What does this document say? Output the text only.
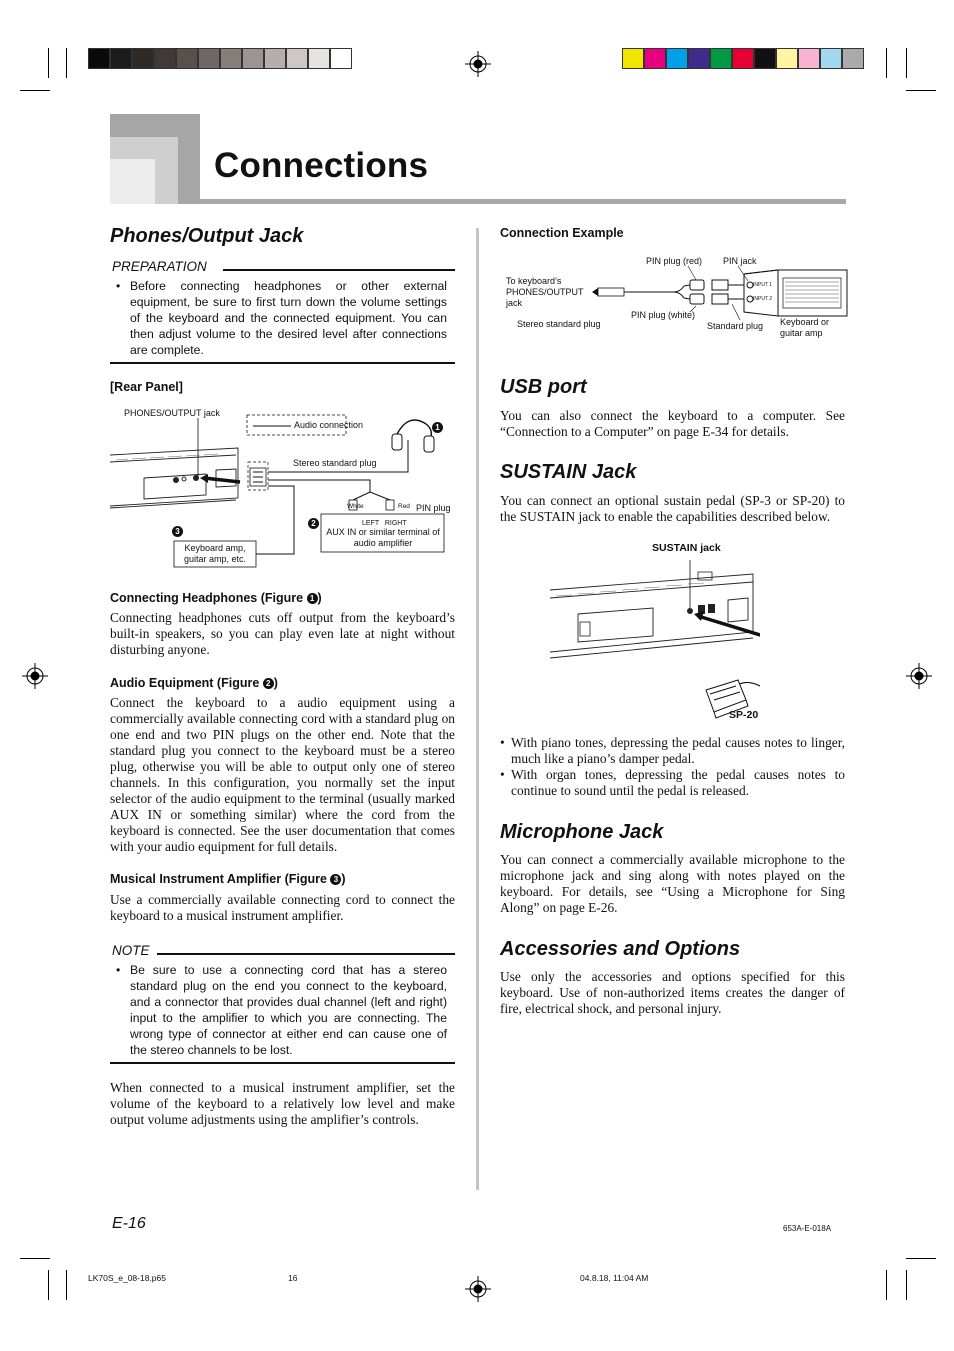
Connections
Phones/Output Jack
PREPARATION
• Before connecting headphones or other external equipment, be sure to first turn down the volume settings of the keyboard and the connected equipment. You can then adjust volume to the desired level after connections are complete.
[Rear Panel]
PHONES/OUTPUT jack
Audio connection	1
Stereo standard plug
White	Red PIN plug
2	LEFT   RIGHT
AUX IN or similar terminal of audio amplifier
3
Keyboard amp, guitar amp, etc.
Connecting Headphones (Figure 1 )
Connecting headphones cuts off output from the keyboard’s built-in speakers, so you can play even late at night without disturbing anyone.
Audio Equipment (Figure 2 )
Connect the keyboard to a audio equipment using a commercially available connecting cord with a standard plug on one end and two PIN plugs on the other end. Note that the standard plug you connect to the keyboard must be a stereo plug, otherwise you will be able to output only one of stereo channels. In this configuration, you normally set the input selector of the audio equipment to the terminal (usually marked AUX IN or something similar) where the cord from the keyboard is connected. See the user documentation that comes with your audio equipment for full details.
Musical Instrument Amplifier (Figure 3 )
Use a commercially available connecting cord to connect the keyboard to a musical instrument amplifier.
NOTE
• Be sure to use a connecting cord that has a stereo standard plug on the end you connect to the keyboard, and a connector that provides dual channel (left and right) input to the amplifier to which you are connecting. The wrong type of connector at either end can cause one of the stereo channels to be lost.
When connected to a musical instrument amplifier, set the volume of the keyboard to a relatively low level and make output volume adjustments using the amplifier’s controls.
Connection Example
PIN plug (red) PIN jack
To keyboard’s PHONES/OUTPUT jack
INPUT 1
INPUT 2
PIN plug (white)
Stereo standard plug	Standard plug Keyboard or guitar amp
USB port
You can also connect the keyboard to a computer. See “Connection to a Computer” on page E-34 for details.
SUSTAIN Jack
You can connect an optional sustain pedal (SP-3 or SP-20) to the SUSTAIN jack to enable the capabilities described below.
SUSTAIN jack
SP-20
• With piano tones, depressing the pedal causes notes to linger, much like a piano’s damper pedal.
• With organ tones, depressing the pedal causes notes to continue to sound until the pedal is released.
Microphone Jack
You can connect a commercially available microphone to the microphone jack and sing along with notes played on the keyboard. For details, see “Using a Microphone for Sing Along” on page E-26.
Accessories and Options
Use only the accessories and options specified for this keyboard. Use of non-authorized items creates the danger of fire, electrical shock, and personal injury.
E-16	653A-E-018A
LK70S_e_08-18.p65	16	04.8.18, 11:04 AM
